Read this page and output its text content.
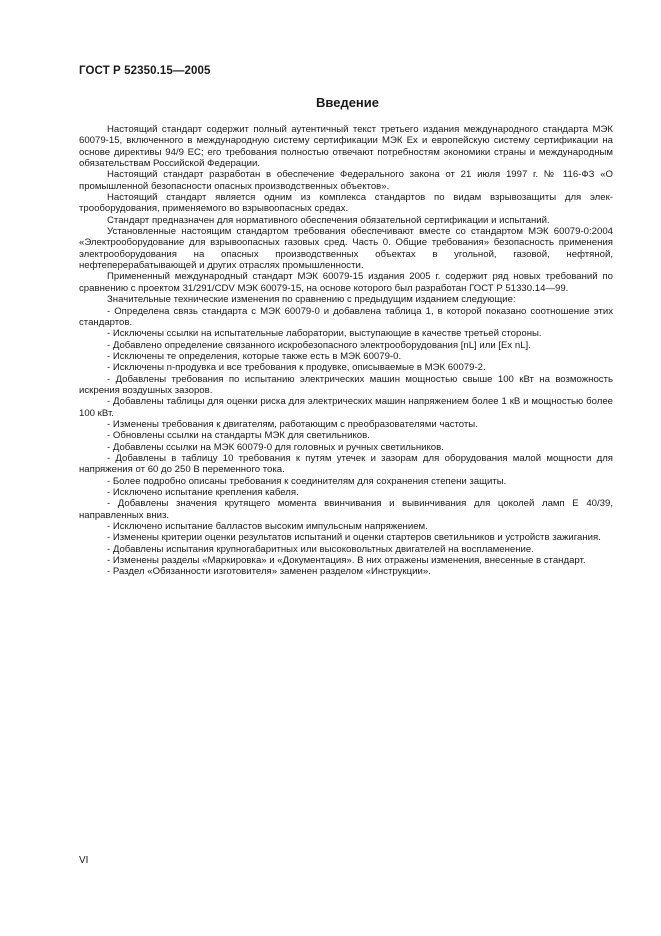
ГОСТ Р 52350.15—2005
Введение

Настоящий стандарт содержит полный аутентичный текст третьего издания международного стандарта МЭК 60079-15, включенного в международную систему сертификации МЭК Ex и европейскую систему сертификации на основе директивы 94/9 EC; его требования полностью отвечают потребностям экономики страны и международным обязательствам Российской Федерации.

Настоящий стандарт разработан в обеспечение Федерального закона от 21 июля 1997 г. № 116-ФЗ «О промышленной безопасности опасных производственных объектов».

Настоящий стандарт является одним из комплекса стандартов по видам взрывозащиты для электрооборудования, применяемого во взрывоопасных средах.

Стандарт предназначен для нормативного обеспечения обязательной сертификации и испытаний.

Установленные настоящим стандартом требования обеспечивают вместе со стандартом МЭК 60079-0:2004 «Электрооборудование для взрывоопасных газовых сред. Часть 0. Общие требования» безопасность применения электрооборудования на опасных производственных объектах в угольной, газовой, нефтяной, нефтеперерабатывающей и других отраслях промышленности.

Примененный международный стандарт МЭК 60079-15 издания 2005 г. содержит ряд новых требований по сравнению с проектом 31/291/CDV МЭК 60079-15, на основе которого был разработан ГОСТ Р 51330.14—99.

Значительные технические изменения по сравнению с предыдущим изданием следующие:

- Определена связь стандарта с МЭК 60079-0 и добавлена таблица 1, в которой показано соотношение этих стандартов.

- Исключены ссылки на испытательные лаборатории, выступающие в качестве третьей стороны.

- Добавлено определение связанного искробезопасного электрооборудования [nL] или [Ex nL].

- Исключены те определения, которые также есть в МЭК 60079-0.

- Исключены n-продувка и все требования к продувке, описываемые в МЭК 60079-2.

- Добавлены требования по испытанию электрических машин мощностью свыше 100 кВт на возможность искрения воздушных зазоров.

- Добавлены таблицы для оценки риска для электрических машин напряжением более 1 кВ и мощностью более 100 кВт.

- Изменены требования к двигателям, работающим с преобразователями частоты.

- Обновлены ссылки на стандарты МЭК для светильников.

- Добавлены ссылки на МЭК 60079-0 для головных и ручных светильников.

- Добавлены в таблицу 10 требования к путям утечек и зазорам для оборудования малой мощности для напряжения от 60 до 250 В переменного тока.

- Более подробно описаны требования к соединителям для сохранения степени защиты.

- Исключено испытание крепления кабеля.

- Добавлены значения крутящего момента ввинчивания и вывинчивания для цоколей ламп Е 40/39, направленных вниз.

- Исключено испытание балластов высоким импульсным напряжением.

- Изменены критерии оценки результатов испытаний и оценки стартеров светильников и устройств зажигания.

- Добавлены испытания крупногабаритных или высоковольтных двигателей на воспламенение.

- Изменены разделы «Маркировка» и «Документация». В них отражены изменения, внесенные в стандарт.

- Раздел «Обязанности изготовителя» заменен разделом «Инструкции».

VI
